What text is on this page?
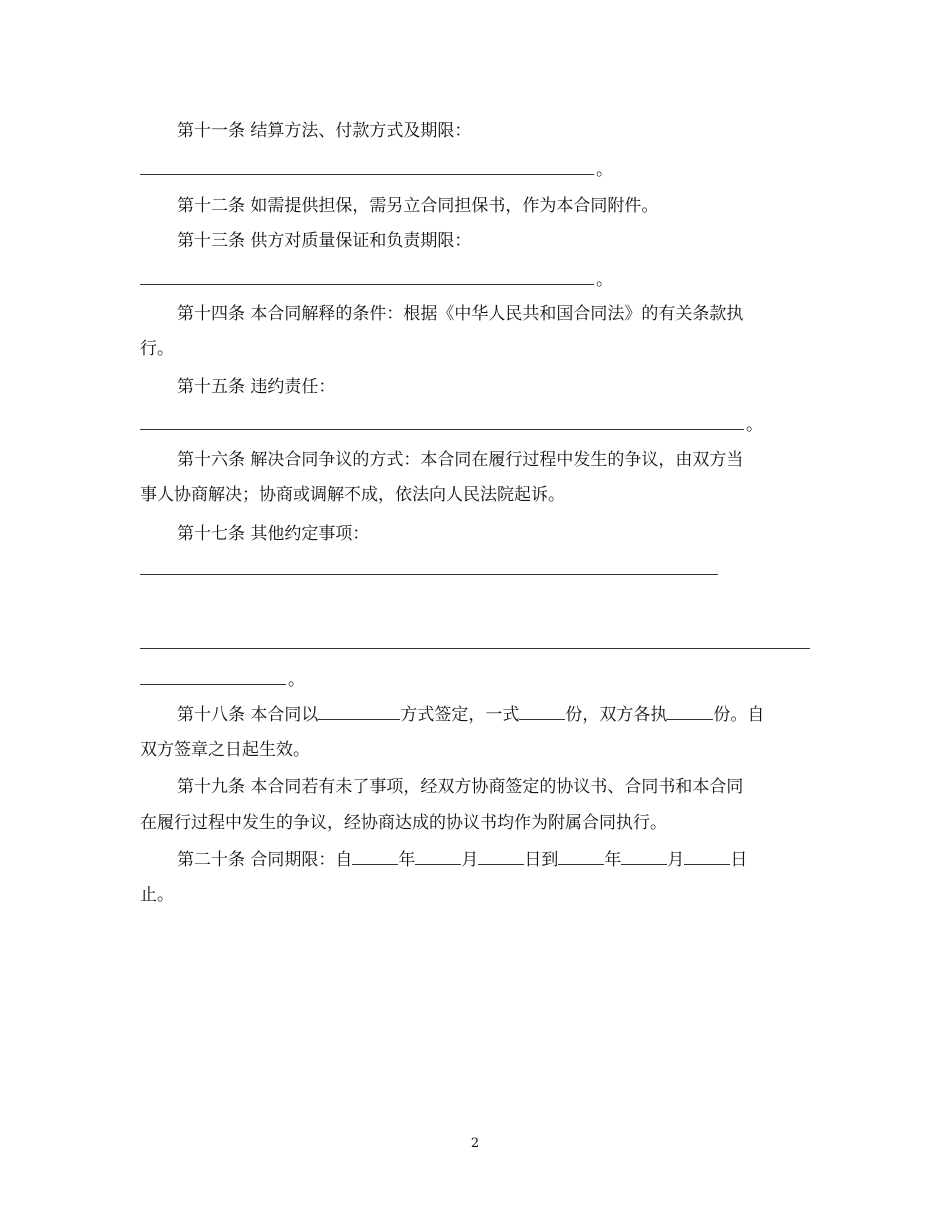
第十一条 结算方法、付款方式及期限：
。
第十二条 如需提供担保，需另立合同担保书，作为本合同附件。
第十三条 供方对质量保证和负责期限：
。
第十四条 本合同解释的条件：根据《中华人民共和国合同法》的有关条款执
行。
第十五条 违约责任：
。
第十六条 解决合同争议的方式：本合同在履行过程中发生的争议，由双方当
事人协商解决；协商或调解不成，依法向人民法院起诉。
第十七条 其他约定事项：
。
第十八条 本合同以	方式签定，一式	份，双方各执	份。自
双方签章之日起生效。
第十九条 本合同若有未了事项，经双方协商签定的协议书、合同书和本合同
在履行过程中发生的争议，经协商达成的协议书均作为附属合同执行。
第二十条 合同期限：自	年	月	日到	年	月	日
止。
2
